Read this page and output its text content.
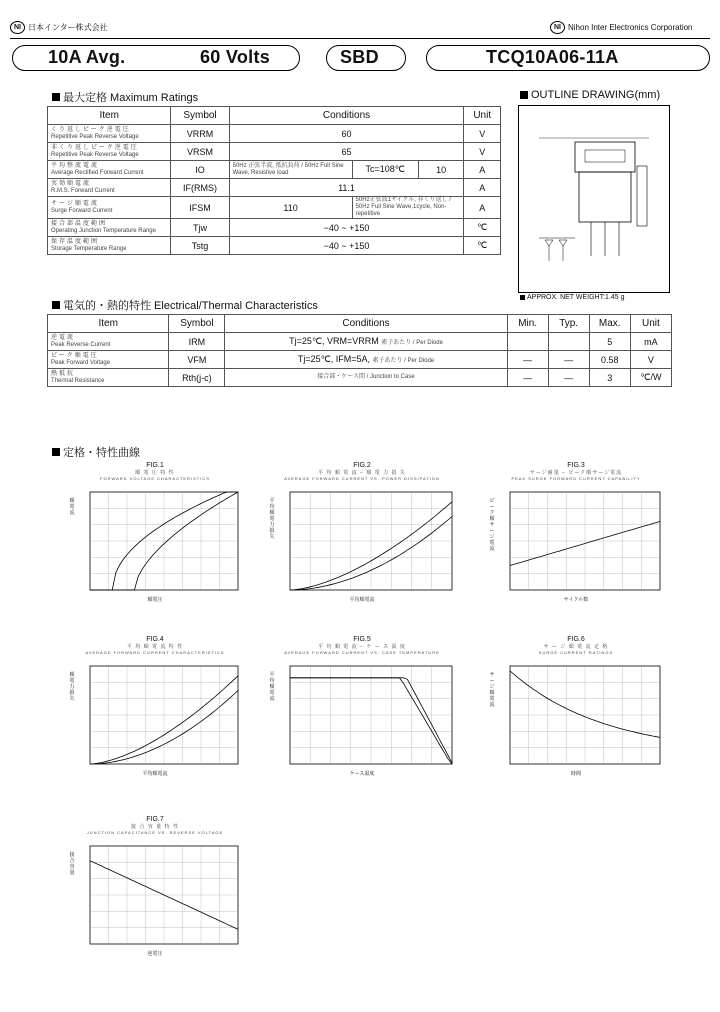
NI 日本インター株式会社	NI Nihon Inter Electronics Corporation
10A Avg.	60 Volts	SBD	TCQ10A06-11A
最大定格 Maximum Ratings
Item	Symbol	Conditions			Unit

くり返しピーク逆電圧
Repetitive Peak Reverse Voltage	VRRM	60			V

非くり返しピーク逆電圧
Repetitive Peak Reverse Voltage	VRSM	65			V

平均整流電流
Average Rectified Forward Current	IO	50Hz 正弦半波, 抵抗負荷 / 50Hz Full Sine Wave, Resistive load	Tc=108℃	10	A

実効順電流
R.M.S. Forward Current	IF(RMS)	11.1			A

サージ順電流
Surge Forward Current	IFSM	110	50Hz正弦波1サイクル, 非くり返し / 50Hz Full Sine Wave,1cycle, Non-repetitive		A

接合部温度範囲
Operating Junction Temperature Range	Tjw	−40 ~ +150			℃

保存温度範囲
Storage Temperature Range	Tstg	−40 ~ +150			℃
OUTLINE DRAWING(mm)
APPROX. NET WEIGHT:1.45 g
電気的・熱的特性 Electrical/Thermal Characteristics
Item	Symbol	Conditions	Min.	Typ.	Max.	Unit

逆電流
Peak Reverse Current	IRM	Tj=25℃, VRM=VRRM 素子あたり / Per Diode			5	mA

ピーク順電圧
Peak Forward Voltage	VFM	Tj=25℃, IFM=5A, 素子あたり / Per Diode	—	—	0.58	V

熱抵抗
Thermal Resistance	Rth(j-c)	接合部・ケース間 / Junction to Case	—	—	3	℃/W
定格・特性曲線
FIG.1
順 電 圧 特 性
FORWARD VOLTAGE CHARACTERISTICS
順電流
順電圧
FIG.2
平 均 順 電 流 − 順 電 力 損 失
AVERAGE FORWARD CURRENT VS. POWER DISSIPATION
平均順電力損失
平均順電流
FIG.3
サージ耐量 − ピーク順サージ電流
PEAK SURGE FORWARD CURRENT CAPABILITY
ピーク順サージ電流
サイクル数
FIG.4
平 均 順 電 流 特 性
AVERAGE FORWARD CURRENT CHARACTERISTICS
順電力損失
平均順電流
FIG.5
平 均 順 電 流 − ケ ー ス 温 度
AVERAGE FORWARD CURRENT VS. CASE TEMPERATURE
平均順電流
ケース温度
FIG.6
サ ー ジ 順 電 流 定 格
SURGE CURRENT RATINGS
サージ順電流
時間
FIG.7
接 合 容 量 特 性
JUNCTION CAPACITANCE VS. REVERSE VOLTAGE
接合容量
逆電圧
